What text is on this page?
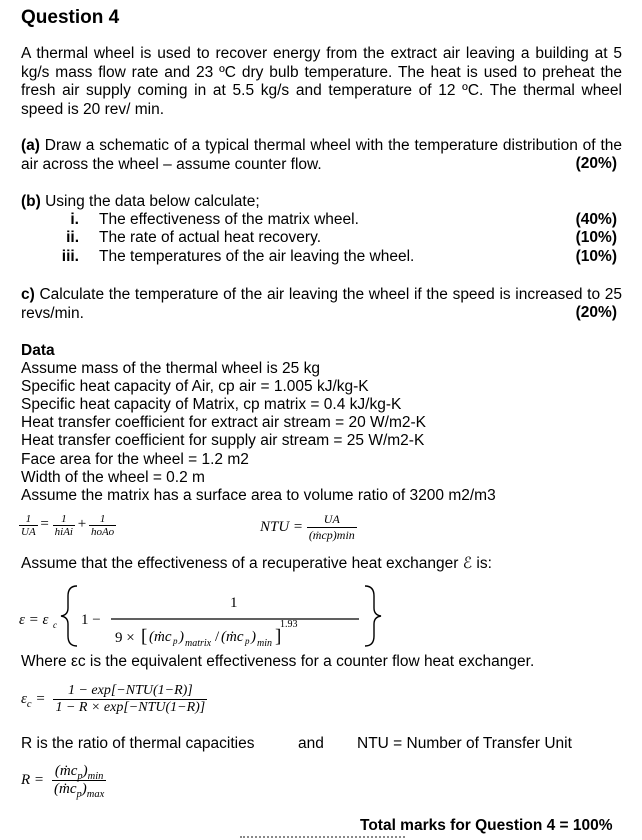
Question 4
A thermal wheel is used to recover energy from the extract air leaving a building at 5 kg/s mass flow rate and 23 ºC dry bulb temperature. The heat is used to preheat the fresh air supply coming in at 5.5 kg/s and temperature of 12 ºC. The thermal wheel speed is 20 rev/ min.
(a) Draw a schematic of a typical thermal wheel with the temperature distribution of the air across the wheel – assume counter flow.	(20%)
(b) Using the data below calculate;
i. The effectiveness of the matrix wheel.	(40%)
ii. The rate of actual heat recovery.	(10%)
iii. The temperatures of the air leaving the wheel.	(10%)
c) Calculate the temperature of the air leaving the wheel if the speed is increased to 25 revs/min.	(20%)
Data
Assume mass of the thermal wheel is 25 kg
Specific heat capacity of Air, cp air = 1.005 kJ/kg-K
Specific heat capacity of Matrix, cp matrix = 0.4 kJ/kg-K
Heat transfer coefficient for extract air stream = 20 W/m2-K
Heat transfer coefficient for supply air stream = 25 W/m2-K
Face area for the wheel = 1.2 m2
Width of the wheel = 0.2 m
Assume the matrix has a surface area to volume ratio of 3200 m2/m3
$\frac{1}{UA} = \frac{1}{\text{hiAi}} + \frac{1}{\text{hoAo}}$	NTU = $\frac{UA}{\text{(ṁcp)min}}$
Assume that the effectiveness of a recuperative heat exchanger ℰ is:
ε = ε c 1 −
1
9 × [ (ṁc p ) matrix / (ṁc p ) min ]
1.93
Where εc is the equivalent effectiveness for a counter flow heat exchanger.
$\varepsilon_c = \frac{\text{1 − exp[−NTU(1−R)]}}{\text{1 − R × exp[−NTU(1−R)]}}$
R is the ratio of thermal capacities	and NTU = Number of Transfer Unit
$R = \frac{(ṁc_p)_{min}}{(ṁc_p)_{max}}$
Total marks for Question 4 = 100%
